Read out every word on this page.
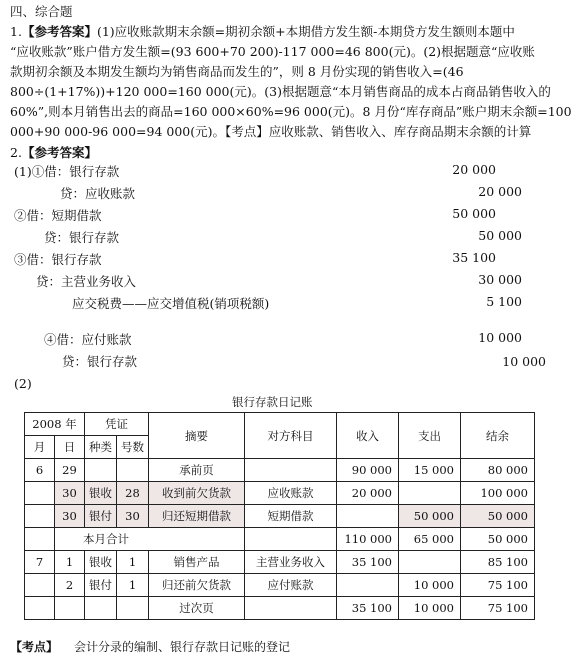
四、综合题
1.【参考答案】(1)应收账款期末余额=期初余额+本期借方发生额-本期贷方发生额则本题中
“应收账款”账户借方发生额=(93 600+70 200)-117 000=46 800(元)。(2)根据题意“应收账
款期初余额及本期发生额均为销售商品而发生的”，则 8 月份实现的销售收入=(46
800÷(1+17%))+120 000=160 000(元)。(3)根据题意“本月销售商品的成本占商品销售收入的
60%”,则本月销售出去的商品=160 000×60%=96 000(元)。8 月份“库存商品”账户期末余额=100
000+90 000-96 000=94 000(元)。【考点】应收账款、销售收入、库存商品期末余额的计算
2.【参考答案】
(1)①借：银行存款	20 000
贷：应收账款	20 000
②借：短期借款	50 000
贷：银行存款	50 000
③借：银行存款	35 100
贷：主营业务收入	30 000
应交税费——应交增值税(销项税额)	5 100
④借：应付账款	10 000
贷：银行存款	10 000
(2)
银行存款日记账
2008 年		凭证		摘要	对方科目	收入	支出	结余
月	日	种类	号数					
6	29			承前页		90 000	15 000	80 000
	30	银收	28	收到前欠货款	应收账款	20 000		100 000
	30	银付	30	归还短期借款	短期借款		50 000	50 000
	本月合计					110 000	65 000	50 000
7	1	银收	1	销售产品	主营业务收入	35 100		85 100
	2	银付	1	归还前欠货款	应付账款		10 000	75 100
				过次页		35 100	10 000	75 100
【考点】 会计分录的编制、银行存款日记账的登记
